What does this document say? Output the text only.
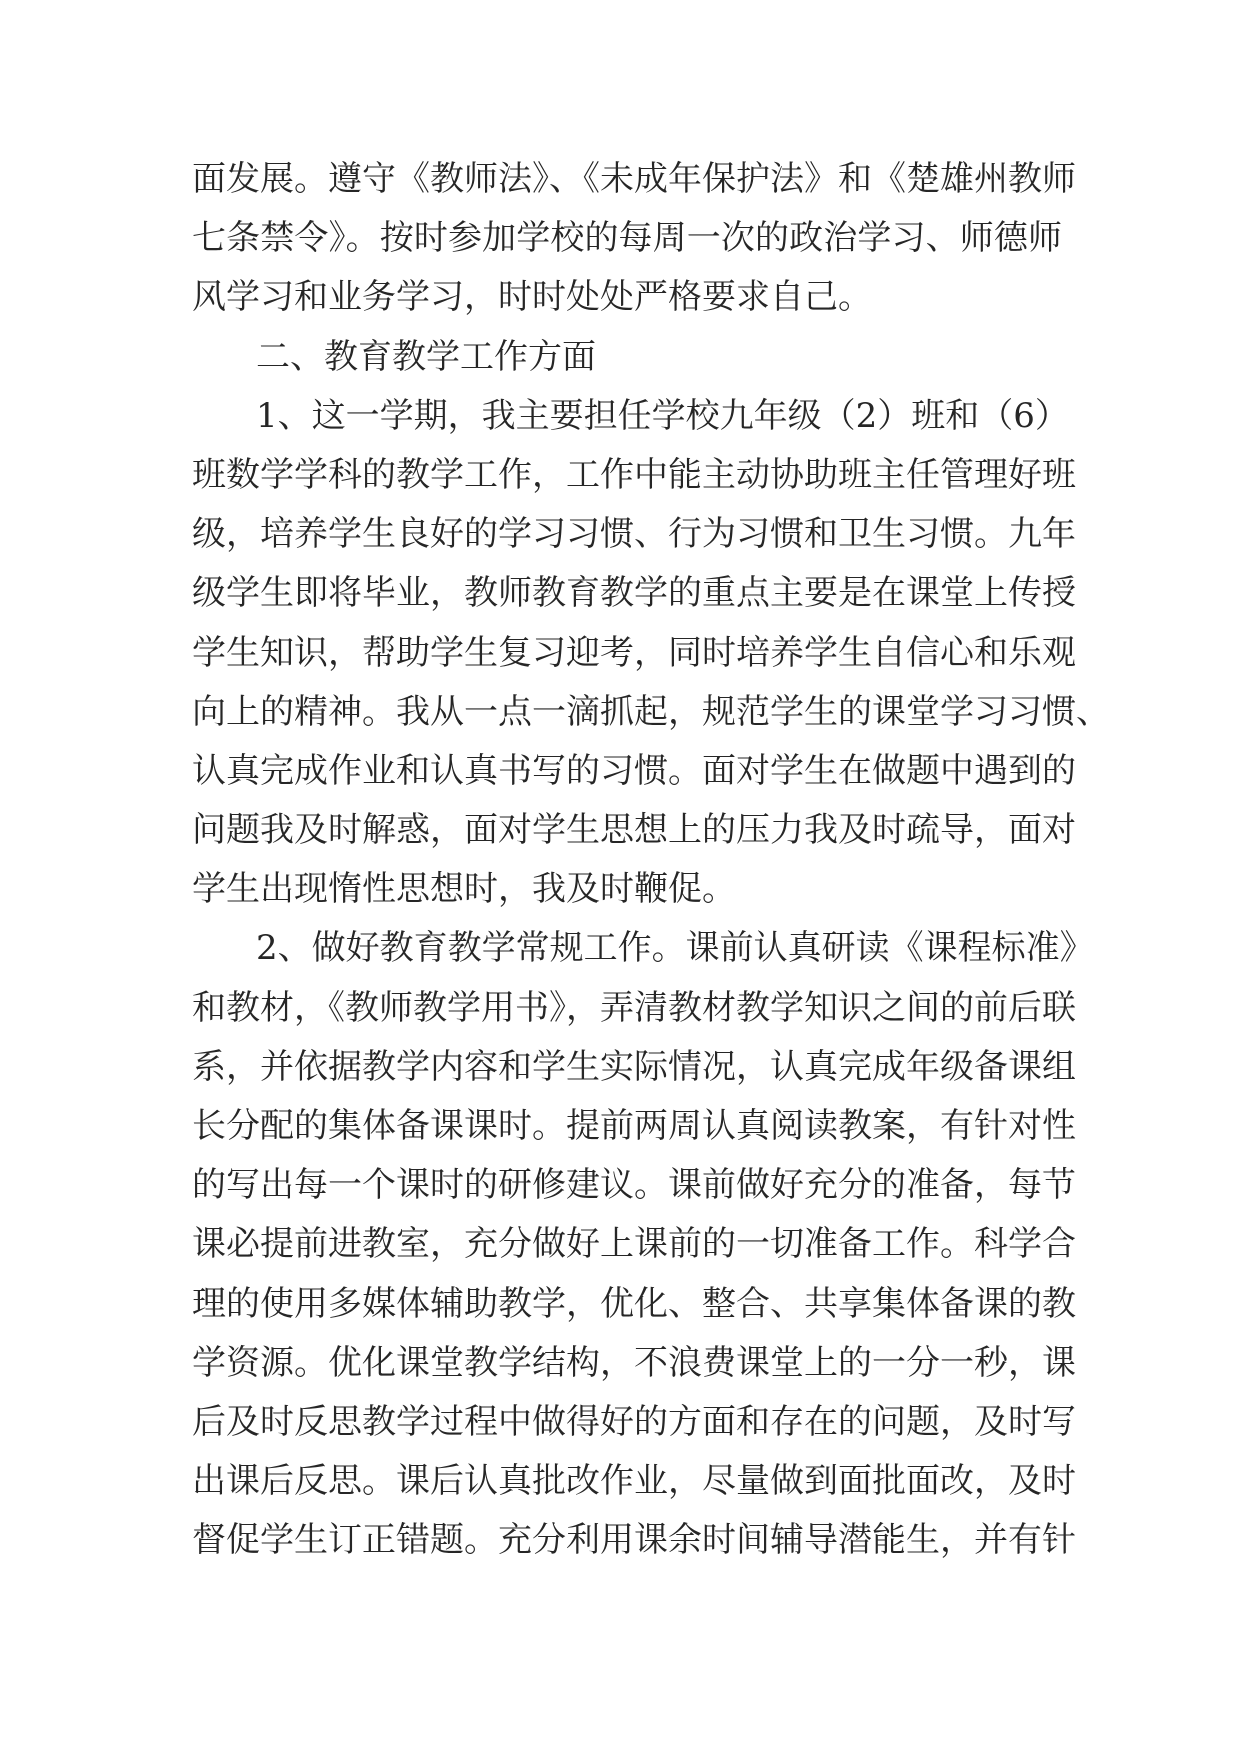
面发展。遵守《教师法》、《未成年保护法》和《楚雄州教师
七条禁令》。按时参加学校的每周一次的政治学习、师德师
风学习和业务学习，时时处处严格要求自己。
二、教育教学工作方面
1、这一学期，我主要担任学校九年级（2）班和（6）
班数学学科的教学工作，工作中能主动协助班主任管理好班
级，培养学生良好的学习习惯、行为习惯和卫生习惯。九年
级学生即将毕业，教师教育教学的重点主要是在课堂上传授
学生知识，帮助学生复习迎考，同时培养学生自信心和乐观
向上的精神。我从一点一滴抓起，规范学生的课堂学习习惯、
认真完成作业和认真书写的习惯。面对学生在做题中遇到的
问题我及时解惑，面对学生思想上的压力我及时疏导，面对
学生出现惰性思想时，我及时鞭促。
2、做好教育教学常规工作。课前认真研读《课程标准》
和教材，《教师教学用书》，弄清教材教学知识之间的前后联
系，并依据教学内容和学生实际情况，认真完成年级备课组
长分配的集体备课课时。提前两周认真阅读教案，有针对性
的写出每一个课时的研修建议。课前做好充分的准备，每节
课必提前进教室，充分做好上课前的一切准备工作。科学合
理的使用多媒体辅助教学，优化、整合、共享集体备课的教
学资源。优化课堂教学结构，不浪费课堂上的一分一秒，课
后及时反思教学过程中做得好的方面和存在的问题，及时写
出课后反思。课后认真批改作业，尽量做到面批面改，及时
督促学生订正错题。充分利用课余时间辅导潜能生，并有针
